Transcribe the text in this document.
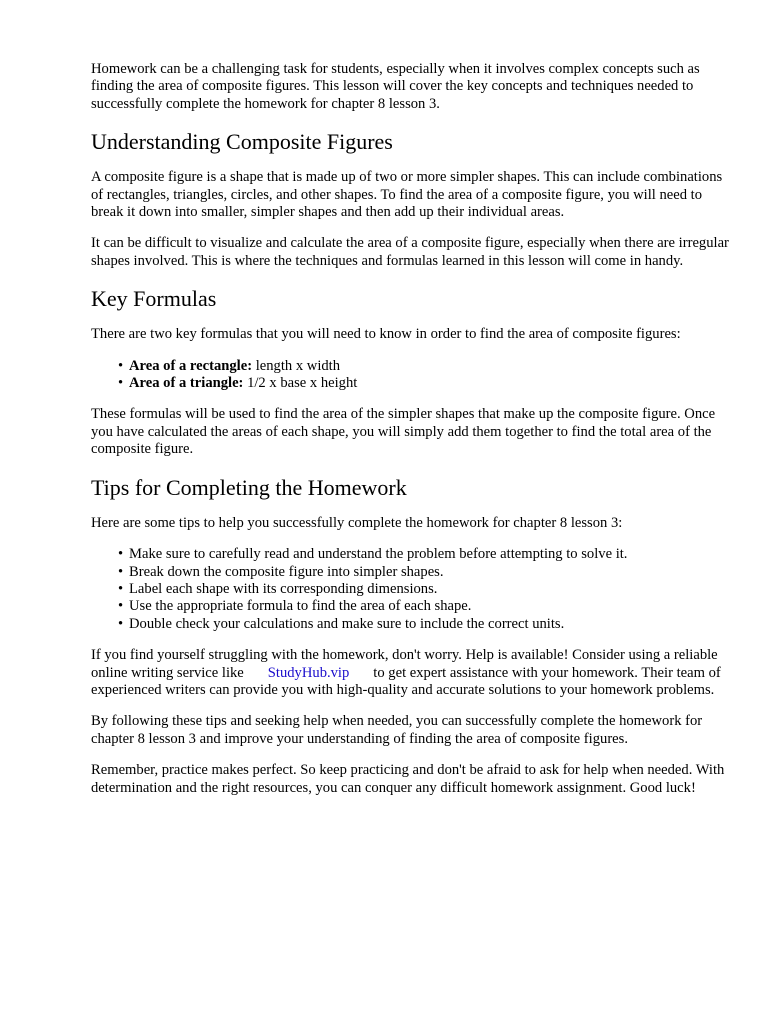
Homework can be a challenging task for students, especially when it involves complex concepts such as finding the area of composite figures. This lesson will cover the key concepts and techniques needed to successfully complete the homework for chapter 8 lesson 3.

Understanding Composite Figures

A composite figure is a shape that is made up of two or more simpler shapes. This can include combinations of rectangles, triangles, circles, and other shapes. To find the area of a composite figure, you will need to break it down into smaller, simpler shapes and then add up their individual areas.

It can be difficult to visualize and calculate the area of a composite figure, especially when there are irregular shapes involved. This is where the techniques and formulas learned in this lesson will come in handy.

Key Formulas

There are two key formulas that you will need to know in order to find the area of composite figures:

• Area of a rectangle: length x width
• Area of a triangle: 1/2 x base x height

These formulas will be used to find the area of the simpler shapes that make up the composite figure. Once you have calculated the areas of each shape, you will simply add them together to find the total area of the composite figure.

Tips for Completing the Homework

Here are some tips to help you successfully complete the homework for chapter 8 lesson 3:

• Make sure to carefully read and understand the problem before attempting to solve it.
• Break down the composite figure into simpler shapes.
• Label each shape with its corresponding dimensions.
• Use the appropriate formula to find the area of each shape.
• Double check your calculations and make sure to include the correct units.

If you find yourself struggling with the homework, don't worry. Help is available! Consider using a reliable online writing service like StudyHub.vip to get expert assistance with your homework. Their team of experienced writers can provide you with high-quality and accurate solutions to your homework problems.

By following these tips and seeking help when needed, you can successfully complete the homework for chapter 8 lesson 3 and improve your understanding of finding the area of composite figures.

Remember, practice makes perfect. So keep practicing and don't be afraid to ask for help when needed. With determination and the right resources, you can conquer any difficult homework assignment. Good luck!
